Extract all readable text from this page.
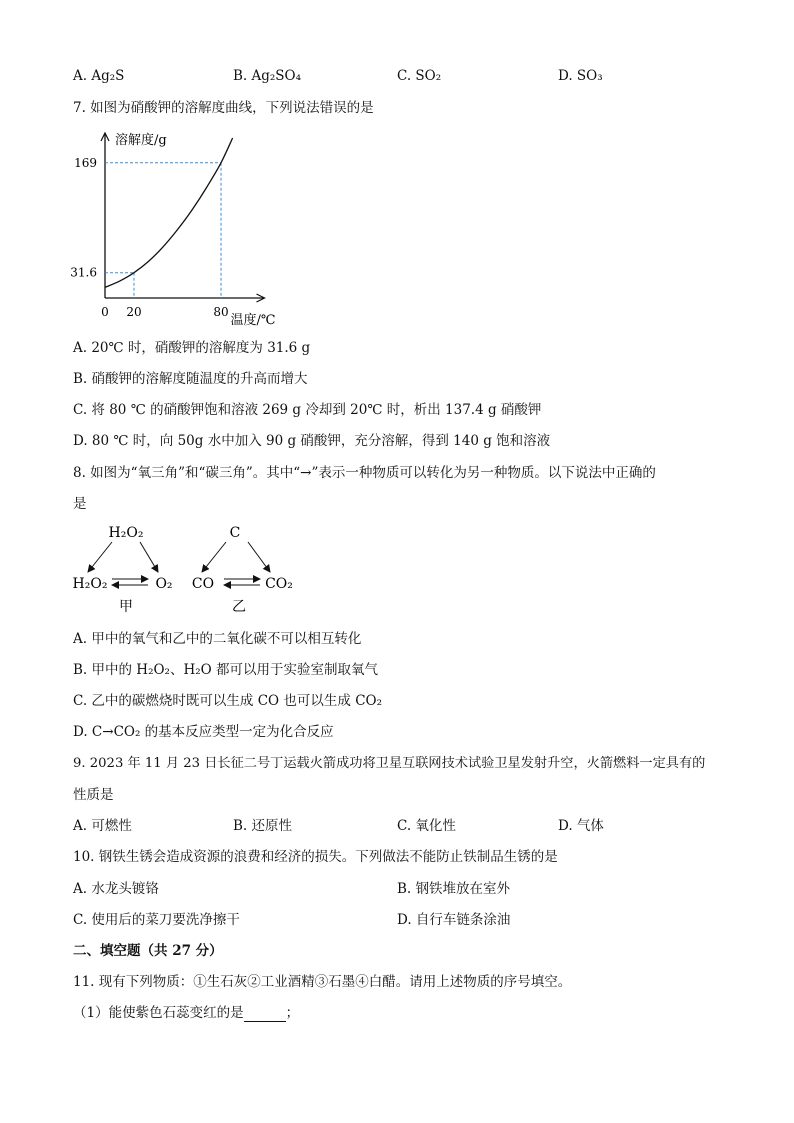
A. Ag₂S	B. Ag₂SO₄	C. SO₂	D. SO₃
7. 如图为硝酸钾的溶解度曲线，下列说法错误的是
31.6
169
0 20	80
溶解度/g
温度/℃
A. 20℃ 时，硝酸钾的溶解度为 31.6 g
B. 硝酸钾的溶解度随温度的升高而增大
C. 将 80 ℃ 的硝酸钾饱和溶液 269 g 冷却到 20℃ 时，析出 137.4 g 硝酸钾
D. 80 ℃ 时，向 50g 水中加入 90 g 硝酸钾，充分溶解，得到 140 g 饱和溶液
8. 如图为“氧三角”和“碳三角”。其中“→”表示一种物质可以转化为另一种物质。以下说法中正确的
是
H₂O₂
H₂O₂	O₂
甲
C
CO	CO₂
乙
A. 甲中的氧气和乙中的二氧化碳不可以相互转化
B. 甲中的 H₂O₂、H₂O 都可以用于实验室制取氧气
C. 乙中的碳燃烧时既可以生成 CO 也可以生成 CO₂
D. C→CO₂ 的基本反应类型一定为化合反应
9. 2023 年 11 月 23 日长征二号丁运载火箭成功将卫星互联网技术试验卫星发射升空，火箭燃料一定具有的
性质是
A. 可燃性	B. 还原性	C. 氧化性	D. 气体
10. 钢铁生锈会造成资源的浪费和经济的损失。下列做法不能防止铁制品生锈的是
A. 水龙头镀铬	B. 钢铁堆放在室外
C. 使用后的菜刀要洗净擦干	D. 自行车链条涂油
二、填空题（共 27 分）
11. 现有下列物质：①生石灰②工业酒精③石墨④白醋。请用上述物质的序号填空。
（1）能使紫色石蕊变红的是	；
